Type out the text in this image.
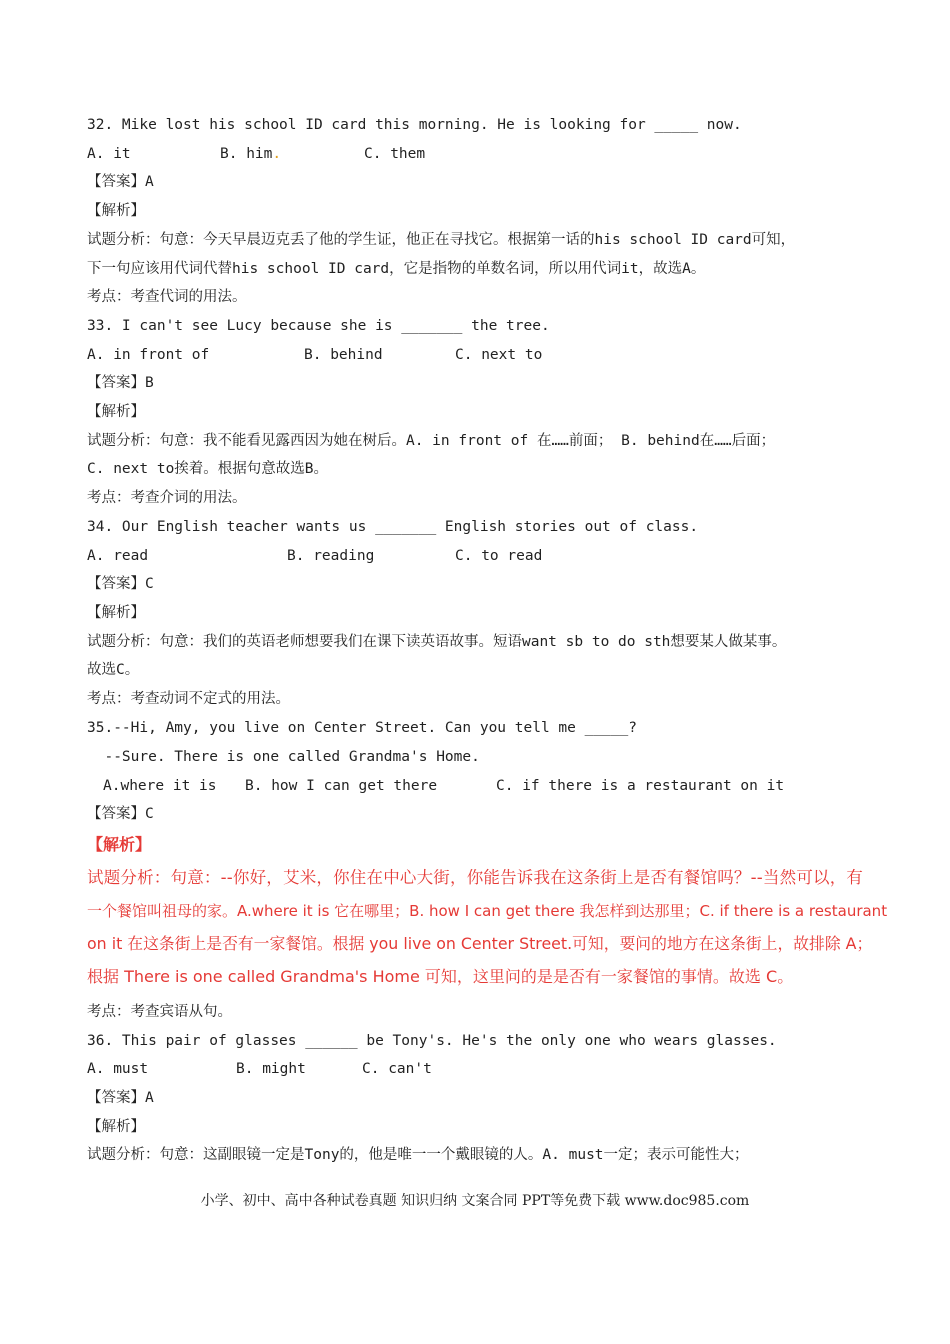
32. Mike lost his school ID card this morning. He is looking for _____ now.
A. it	B. him.	C. them
【答案】A
【解析】
试题分析：句意：今天早晨迈克丢了他的学生证，他正在寻找它。根据第一话的his school ID card可知，
下一句应该用代词代替his school ID card，它是指物的单数名词，所以用代词it，故选A。
考点：考查代词的用法。
33. I can't see Lucy because she is _______ the tree.
A. in front of	B. behind	C. next to
【答案】B
【解析】
试题分析：句意：我不能看见露西因为她在树后。A. in front of 在……前面； B. behind在……后面；
C. next to挨着。根据句意故选B。
考点：考查介词的用法。
34. Our English teacher wants us _______ English stories out of class.
A. read	B. reading	C. to read
【答案】C
【解析】
试题分析：句意：我们的英语老师想要我们在课下读英语故事。短语want sb to do sth想要某人做某事。
故选C。
考点：考查动词不定式的用法。
35.--Hi, Amy, you live on Center Street. Can you tell me _____?
--Sure. There is one called Grandma's Home.
A.where it is B. how I can get there	C. if there is a restaurant on it
【答案】C
【解析】
试题分析：句意：--你好，艾米，你住在中心大街，你能告诉我在这条街上是否有餐馆吗？--当然可以，有
一个餐馆叫祖母的家。A.where it is 它在哪里；B. how I can get there 我怎样到达那里；C. if there is a restaurant
on it 在这条街上是否有一家餐馆。根据 you live on Center Street.可知，要问的地方在这条街上，故排除 A；
根据 There is one called Grandma's Home 可知，这里问的是是否有一家餐馆的事情。故选 C。
考点：考查宾语从句。
36. This pair of glasses ______ be Tony's. He's the only one who wears glasses.
A. must	B. might	C. can't
【答案】A
【解析】
试题分析：句意：这副眼镜一定是Tony的，他是唯一一个戴眼镜的人。A. must一定；表示可能性大；
小学、初中、高中各种试卷真题 知识归纳 文案合同 PPT等免费下载 www.doc985.com
